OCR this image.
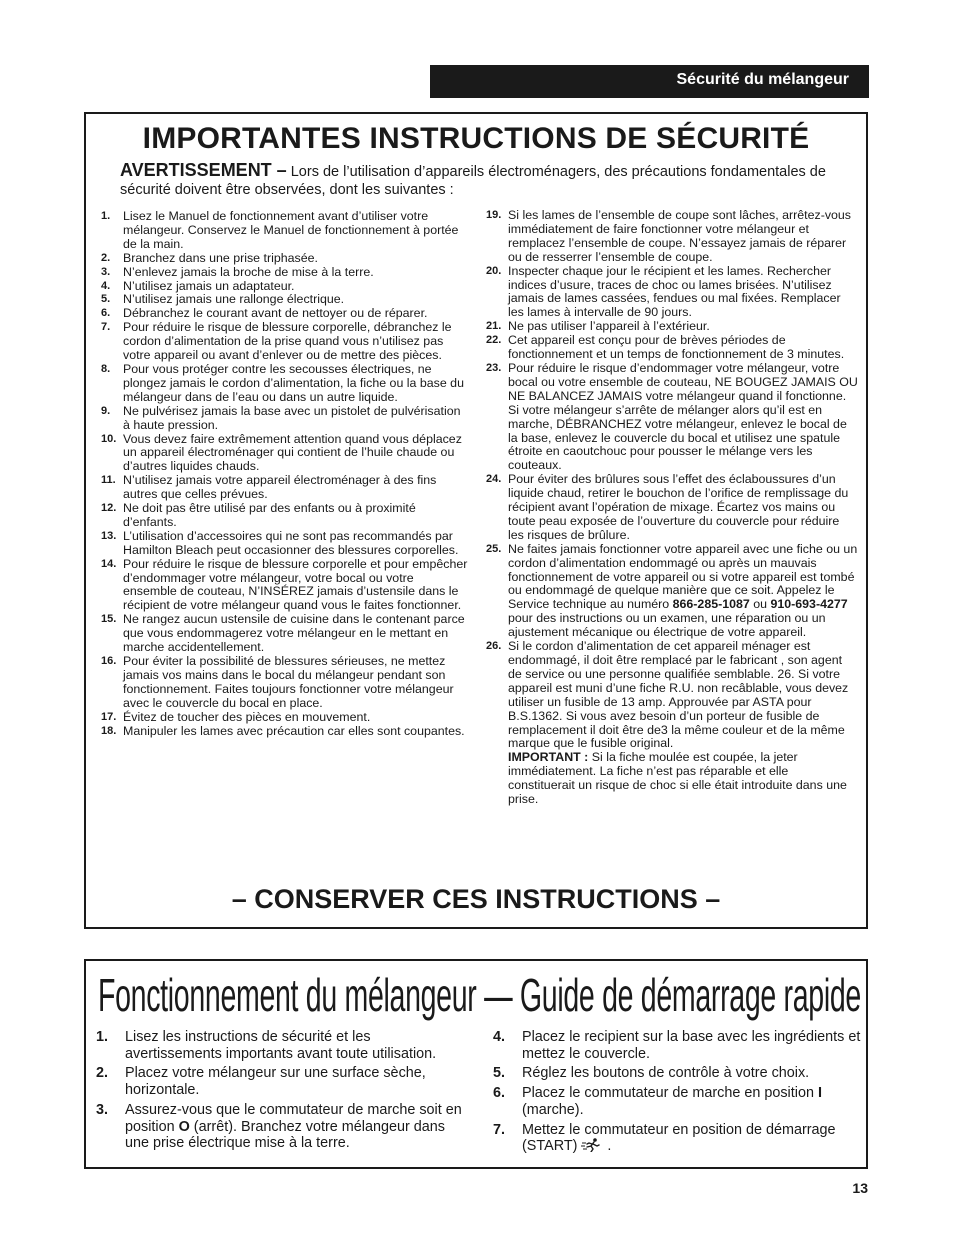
Sécurité du mélangeur
IMPORTANTES INSTRUCTIONS DE SÉCURITÉ
AVERTISSEMENT – Lors de l’utilisation d’appareils électroménagers, des précautions fondamentales de sécurité doivent être observées, dont les suivantes :
1. Lisez le Manuel de fonctionnement avant d’utiliser votre mélangeur. Conservez le Manuel de fonctionnement à portée de la main.
2. Branchez dans une prise triphasée.
3. N’enlevez jamais la broche de mise à la terre.
4. N’utilisez jamais un adaptateur.
5. N’utilisez jamais une rallonge électrique.
6. Débranchez le courant avant de nettoyer ou de réparer.
7. Pour réduire le risque de blessure corporelle, débranchez le cordon d’alimentation de la prise quand vous n’utilisez pas votre appareil ou avant d’enlever ou de mettre des pièces.
8. Pour vous protéger contre les secousses électriques, ne plongez jamais le cordon d’alimentation, la fiche ou la base du mélangeur dans de l’eau ou dans un autre liquide.
9. Ne pulvérisez jamais la base avec un pistolet de pulvérisation à haute pression.
10. Vous devez faire extrêmement attention quand vous déplacez un appareil électroménager qui contient de l’huile chaude ou d’autres liquides chauds.
11. N’utilisez jamais votre appareil électroménager à des fins autres que celles prévues.
12. Ne doit pas être utilisé par des enfants ou à proximité d’enfants.
13. L’utilisation d’accessoires qui ne sont pas recommandés par Hamilton Bleach peut occasionner des blessures corporelles.
14. Pour réduire le risque de blessure corporelle et pour empêcher d’endommager votre mélangeur, votre bocal ou votre ensemble de couteau, N’INSÉREZ jamais d’ustensile dans le récipient de votre mélangeur quand vous le faites fonctionner.
15. Ne rangez aucun ustensile de cuisine dans le contenant parce que vous endommagerez votre mélangeur en le mettant en marche accidentellement.
16. Pour éviter la possibilité de blessures sérieuses, ne mettez jamais vos mains dans le bocal du mélangeur pendant son fonctionnement. Faites toujours fonctionner votre mélangeur avec le couvercle du bocal en place.
17. Évitez de toucher des pièces en mouvement.
18. Manipuler les lames avec précaution car elles sont coupantes.
19. Si les lames de l’ensemble de coupe sont lâches, arrêtez-vous immédiatement de faire fonctionner votre mélangeur et remplacez l’ensemble de coupe. N’essayez jamais de réparer ou de resserrer l’ensemble de coupe.
20. Inspecter chaque jour le récipient et les lames. Rechercher indices d’usure, traces de choc ou lames brisées. N’utilisez jamais de lames cassées, fendues ou mal fixées. Remplacer les lames à intervalle de 90 jours.
21. Ne pas utiliser l’appareil à l’extérieur.
22. Cet appareil est conçu pour de brèves périodes de fonctionnement et un temps de fonctionnement de 3 minutes.
23. Pour réduire le risque d’endommager votre mélangeur, votre bocal ou votre ensemble de couteau, NE BOUGEZ JAMAIS OU NE BALANCEZ JAMAIS votre mélangeur quand il fonctionne. Si votre mélangeur s’arrête de mélanger alors qu’il est en marche, DÉBRANCHEZ votre mélangeur, enlevez le bocal de la base, enlevez le couvercle du bocal et utilisez une spatule étroite en caoutchouc pour pousser le mélange vers les couteaux.
24. Pour éviter des brûlures sous l’effet des éclaboussures d’un liquide chaud, retirer le bouchon de l’orifice de remplissage du récipient avant l’opération de mixage. Écartez vos mains ou toute peau exposée de l’ouverture du couvercle pour réduire les risques de brûlure.
25. Ne faites jamais fonctionner votre appareil avec une fiche ou un cordon d’alimentation endommagé ou après un mauvais fonctionnement de votre appareil ou si votre appareil est tombé ou endommagé de quelque manière que ce soit. Appelez le Service technique au numéro 866-285-1087 ou 910-693-4277 pour des instructions ou un examen, une réparation ou un ajustement mécanique ou électrique de votre appareil.
26. Si le cordon d’alimentation de cet appareil ménager est endommagé, il doit être remplacé par le fabricant , son agent de service ou une personne qualifiée semblable. 26. Si votre appareil est muni d’une fiche R.U. non recâblable, vous devez utiliser un fusible de 13 amp. Approuvée par ASTA pour B.S.1362. Si vous avez besoin d’un porteur de fusible de remplacement il doit être de3 la même couleur et de la même marque que le fusible original.
IMPORTANT : Si la fiche moulée est coupée, la jeter immédiatement. La fiche n’est pas réparable et elle constituerait un risque de choc si elle était introduite dans une prise.
– CONSERVER CES INSTRUCTIONS –
Fonctionnement du mélangeur — Guide de démarrage rapide
1. Lisez les instructions de sécurité et les avertissements importants avant toute utilisation.
2. Placez votre mélangeur sur une surface sèche, horizontale.
3. Assurez-vous que le commutateur de marche soit en position O (arrêt). Branchez votre mélangeur dans une prise électrique mise à la terre.
4. Placez le recipient sur la base avec les ingrédients et mettez le couvercle.
5. Réglez les boutons de contrôle à votre choix.
6. Placez le commutateur de marche en position I (marche).
7. Mettez le commutateur en position de démarrage (START)  .
13
